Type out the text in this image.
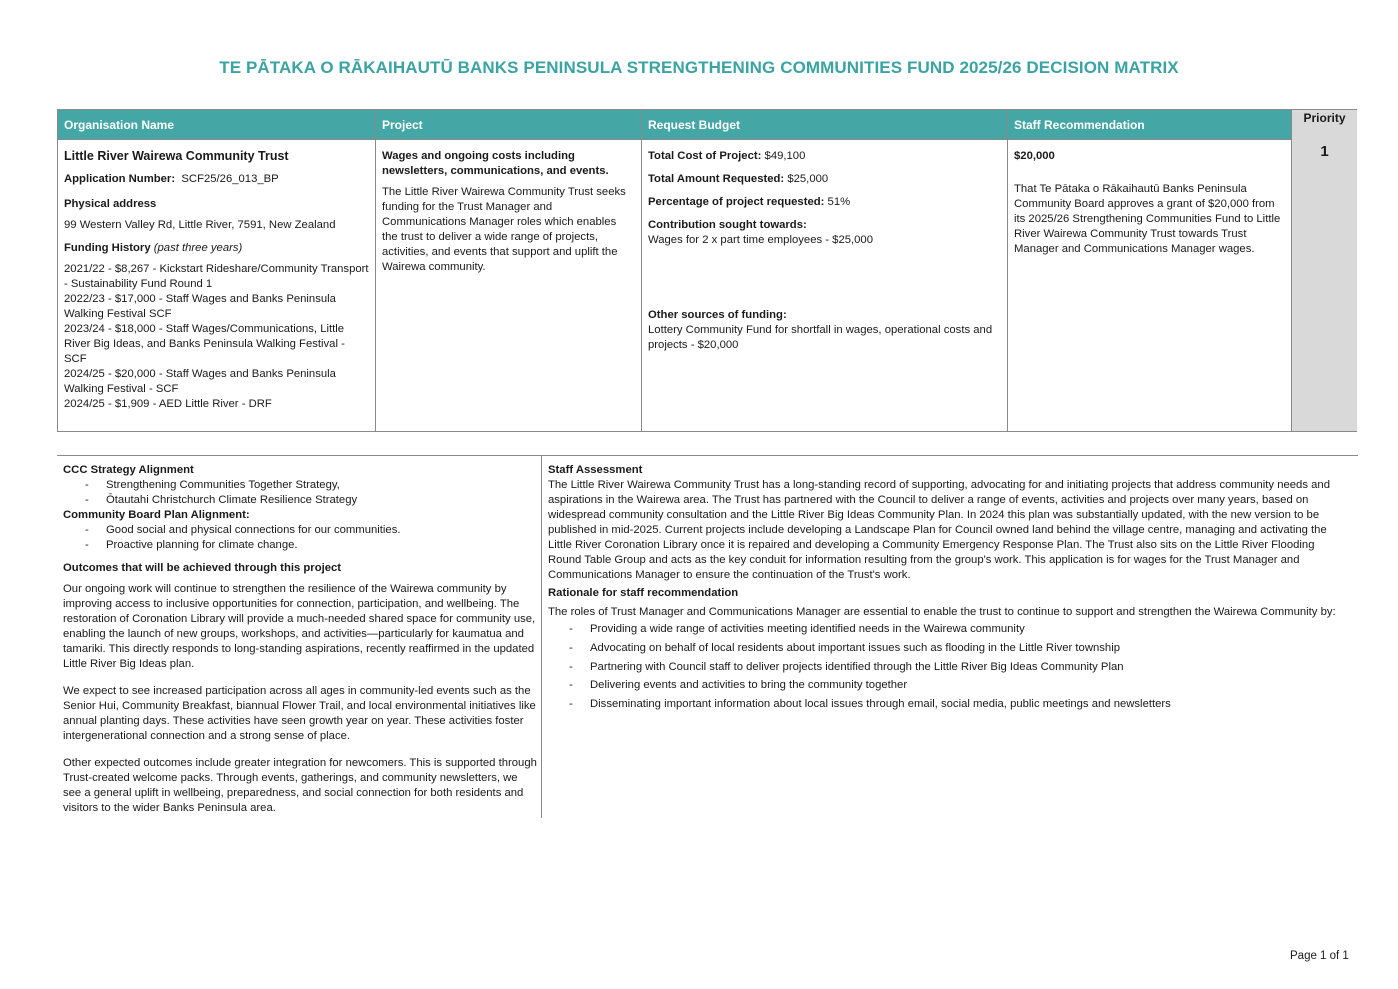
TE PĀTAKA O RĀKAIHAUTŪ BANKS PENINSULA STRENGTHENING COMMUNITIES FUND 2025/26 DECISION MATRIX
Organisation Name

Little River Wairewa Community Trust

Application Number: SCF25/26_013_BP

Physical address

99 Western Valley Rd, Little River, 7591, New Zealand

Funding History (past three years)

2021/22 - $8,267 - Kickstart Rideshare/Community Transport - Sustainability Fund Round 1

2022/23 - $17,000 - Staff Wages and Banks Peninsula Walking Festival SCF

2023/24 - $18,000 - Staff Wages/Communications, Little River Big Ideas, and Banks Peninsula Walking Festival - SCF

2024/25 - $20,000 - Staff Wages and Banks Peninsula Walking Festival - SCF

2024/25 - $1,909 - AED Little River - DRF

Project

Wages and ongoing costs including newsletters, communications, and events.

The Little River Wairewa Community Trust seeks funding for the Trust Manager and Communications Manager roles which enables the trust to deliver a wide range of projects, activities, and events that support and uplift the Wairewa community.

Request Budget

Total Cost of Project: $49,100

Total Amount Requested: $25,000

Percentage of project requested: 51%

Contribution sought towards:

Wages for 2 x part time employees - $25,000

Other sources of funding:

Lottery Community Fund for shortfall in wages, operational costs and projects - $20,000

Staff Recommendation

$20,000

That Te Pātaka o Rākaihautū Banks Peninsula Community Board approves a grant of $20,000 from its 2025/26 Strengthening Communities Fund to Little River Wairewa Community Trust towards Trust Manager and Communications Manager wages.

Priority
1

CCC Strategy Alignment

- Strengthening Communities Together Strategy,
- Ōtautahi Christchurch Climate Resilience Strategy

Community Board Plan Alignment:

- Good social and physical connections for our communities.
- Proactive planning for climate change.

Outcomes that will be achieved through this project

Our ongoing work will continue to strengthen the resilience of the Wairewa community by improving access to inclusive opportunities for connection, participation, and wellbeing. The restoration of Coronation Library will provide a much-needed shared space for community use, enabling the launch of new groups, workshops, and activities—particularly for kaumatua and tamariki. This directly responds to long-standing aspirations, recently reaffirmed in the updated Little River Big Ideas plan.

We expect to see increased participation across all ages in community-led events such as the Senior Hui, Community Breakfast, biannual Flower Trail, and local environmental initiatives like annual planting days. These activities have seen growth year on year. These activities foster intergenerational connection and a strong sense of place.

Other expected outcomes include greater integration for newcomers. This is supported through Trust-created welcome packs. Through events, gatherings, and community newsletters, we see a general uplift in wellbeing, preparedness, and social connection for both residents and visitors to the wider Banks Peninsula area.

Staff Assessment

The Little River Wairewa Community Trust has a long-standing record of supporting, advocating for and initiating projects that address community needs and aspirations in the Wairewa area. The Trust has partnered with the Council to deliver a range of events, activities and projects over many years, based on widespread community consultation and the Little River Big Ideas Community Plan. In 2024 this plan was substantially updated, with the new version to be published in mid-2025. Current projects include developing a Landscape Plan for Council owned land behind the village centre, managing and activating the Little River Coronation Library once it is repaired and developing a Community Emergency Response Plan. The Trust also sits on the Little River Flooding Round Table Group and acts as the key conduit for information resulting from the group's work. This application is for wages for the Trust Manager and Communications Manager to ensure the continuation of the Trust's work.

Rationale for staff recommendation

The roles of Trust Manager and Communications Manager are essential to enable the trust to continue to support and strengthen the Wairewa Community by:

- Providing a wide range of activities meeting identified needs in the Wairewa community
- Advocating on behalf of local residents about important issues such as flooding in the Little River township
- Partnering with Council staff to deliver projects identified through the Little River Big Ideas Community Plan
- Delivering events and activities to bring the community together
- Disseminating important information about local issues through email, social media, public meetings and newsletters
Page 1 of 1
